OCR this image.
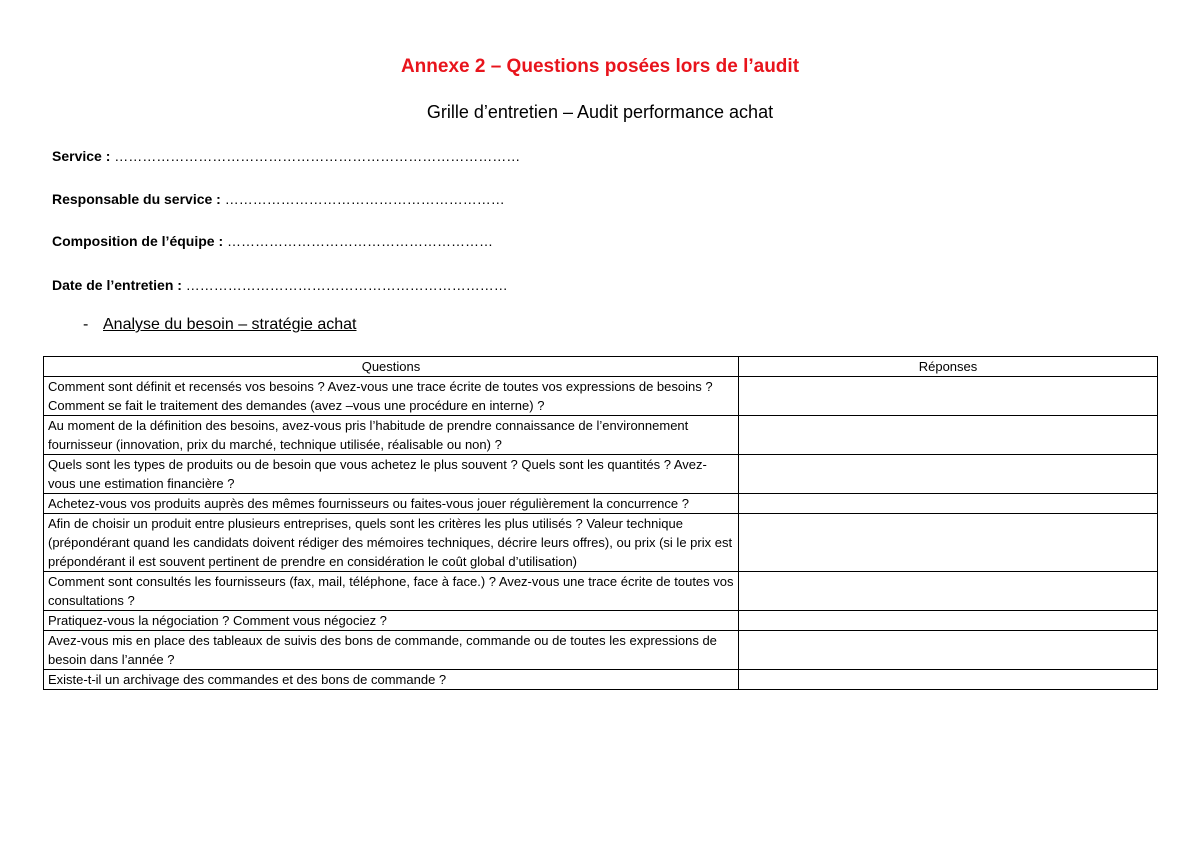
Annexe 2 – Questions posées lors de l’audit
Grille d’entretien – Audit performance achat
Service : ……………………………………………………………………………
Responsable du service : ……………………………………………………
Composition de l’équipe : …………………………………………………
Date de l’entretien : ……………………………………………………………
- Analyse du besoin – stratégie achat
Questions	Réponses
Comment sont définit et recensés vos besoins ? Avez-vous une trace écrite de toutes vos expressions de besoins ? Comment se fait le traitement des demandes (avez –vous une procédure en interne) ?	
Au moment de la définition des besoins, avez-vous pris l’habitude de prendre connaissance de l’environnement fournisseur (innovation, prix du marché, technique utilisée, réalisable ou non) ?	
Quels sont les types de produits ou de besoin que vous achetez le plus souvent ? Quels sont les quantités ? Avez-vous une estimation financière ?	
Achetez-vous vos produits auprès des mêmes fournisseurs ou faites-vous jouer régulièrement la concurrence ?	
Afin de choisir un produit entre plusieurs entreprises, quels sont les critères les plus utilisés ? Valeur technique (prépondérant quand les candidats doivent rédiger des mémoires techniques, décrire leurs offres), ou prix (si le prix est prépondérant il est souvent pertinent de prendre en considération le coût global d’utilisation)	
Comment sont consultés les fournisseurs (fax, mail, téléphone, face à face.) ? Avez-vous une trace écrite de toutes vos consultations ?	
Pratiquez-vous la négociation ? Comment vous négociez ?	
Avez-vous mis en place des tableaux de suivis des bons de commande, commande ou de toutes les expressions de besoin dans l’année ?	
Existe-t-il un archivage des commandes et des bons de commande ?	
